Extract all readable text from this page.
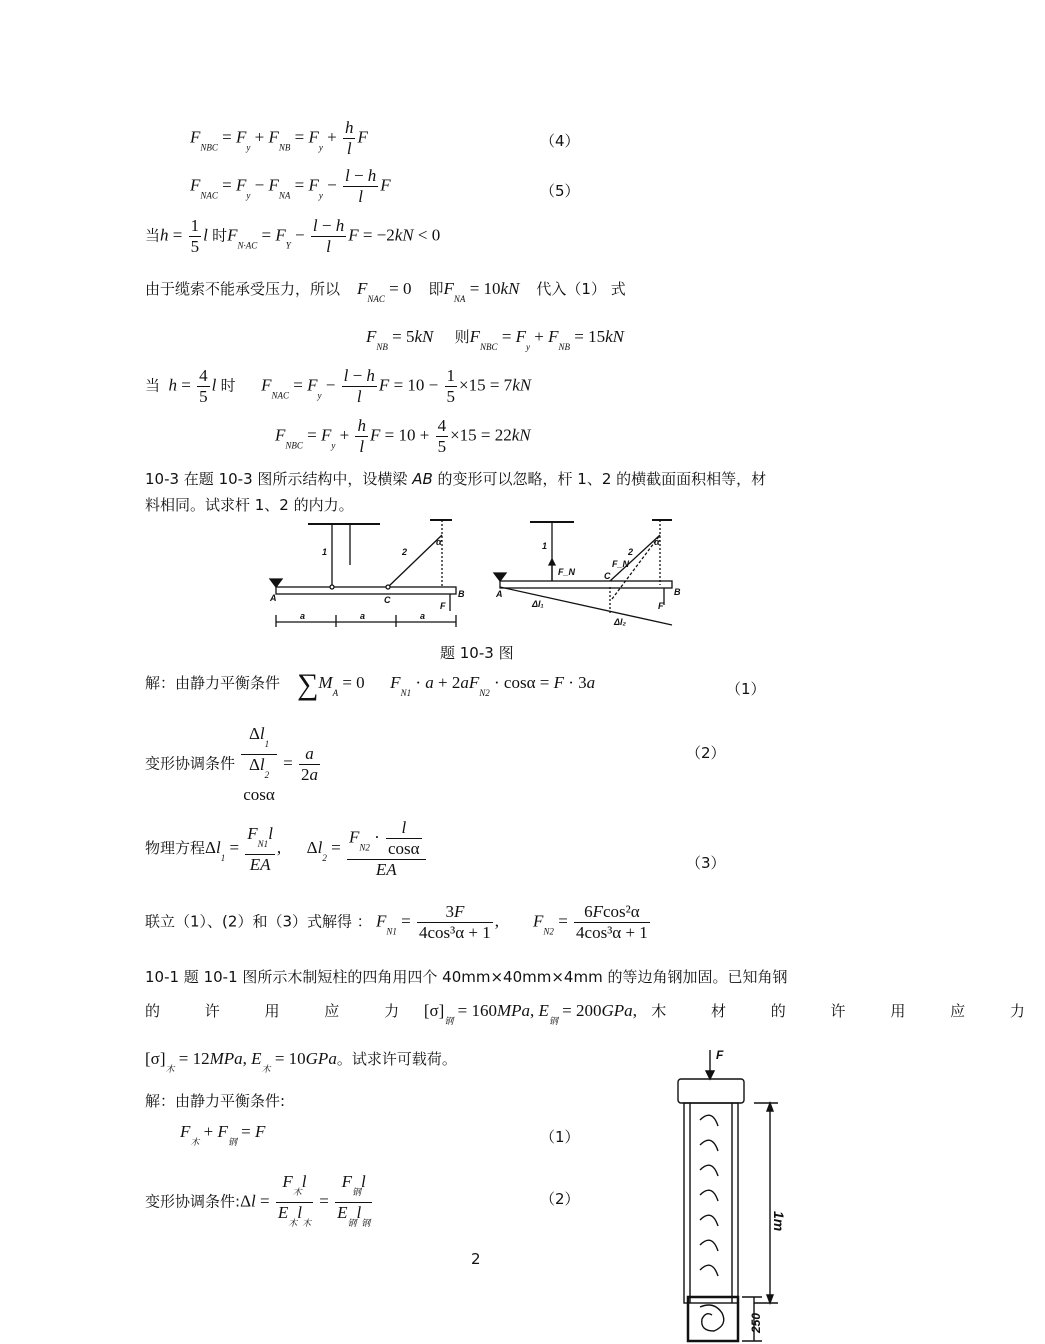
$F_{NBC} = F_y + F_{NB} = F_y + \frac{h}{l}$ F	（4）
$F_{NAC} = F_y - F_{NA} = F_y - \frac{l - h}{l}$ F	（5）
当$h = \frac{1}{5}$ l 时$F_{N\cdot AC} = F_Y - \frac{l - h}{l}$ F = −2kN < 0
由于缆索不能承受压力，所以 $F_{NAC} = 0$    即$F_{NA} = 10kN$ 代入（1） 式
$F_{NB} = 5kN$ 则$F_{NBC} = F_y + F_{NB} = 15kN$
当 $h = \frac{4}{5}$ l 时 $F_{NAC} = F_y - \frac{l - h}{l}$ $F = 10 - \frac{1}{5} \times 15 = 7kN$
$F_{NBC} = F_y + \frac{h}{l}$ $F = 10 + \frac{4}{5} \times 15 = 22kN$
10-3 在题 10-3 图所示结构中，设横梁 AB 的变形可以忽略，杆 1、2 的横截面面积相等，材
料相同。试求杆 1、2 的内力。
A	C
B
F
a	a	a
1	2
α
A
C
B
F
F_N
F_N
Δl₁
Δl₂
1
2
α
题 10-3 图
解：由静力平衡条件 $\sum M_A = 0$      $F_{N1} \cdot a + 2aF_{N2} \cdot \cos\alpha = F \cdot 3a$	（1）
变形协调条件
$\Delta l_1$
$\Delta l_2$
cosα
= $\frac{a}{2a}$	（2）
物理方程$\Delta l_1 = \frac{F_{N1}l}{EA}$ ,      $\Delta l_2 = \frac{F_{N2} \cdot \frac{l}{\cos\alpha}}{EA}$	（3）
联立（1）、(2）和（3）式解得 ： $F_{N1} = \frac{3F}{\text{4cos³α + 1}}$ ,        $F_{N2} = \frac{\text{6Fcos²α}}{\text{4cos³α + 1}}$
10-1 题 10-1 图所示木制短柱的四角用四个 40mm×40mm×4mm 的等边角钢加固。已知角钢
的 许 用 应 力 $[\sigma]_钢 = 160MPa$, $E_钢 = 200GPa$, 木 材 的 许 用 应 力
$[\sigma]_木 = 12MPa$, $E_木 = 10GPa$。试求许可载荷。
解：由静力平衡条件:
$F_木 + F_钢 = F$	（1）
变形协调条件:Δl = $\frac{F_木l}{E_木l_木} = \frac{F_钢l}{E_钢l_钢}$	（2）
F
1m
250
2
